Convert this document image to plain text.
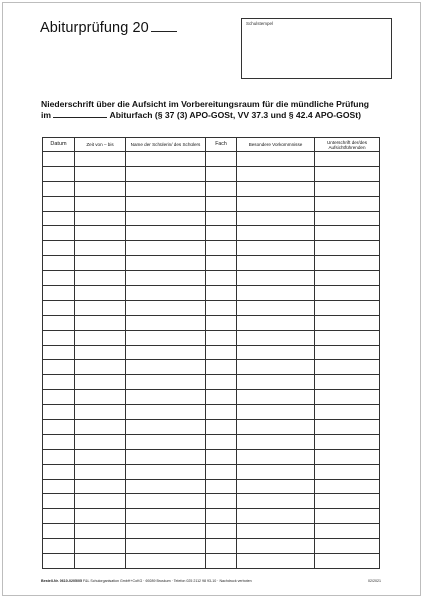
Abiturprüfung 20	Schulstempel
Niederschrift über die Aufsicht im Vorbereitungsraum für die mündliche Prüfung
im	Abiturfach (§ 37 (3) APO-GOSt, VV 37.3 und § 42.4 APO-GOSt)
Datum	Zeit von – bis	Name der Schülerin/ des Schülers	Fach	Besondere Vorkommnisse	Unterschrift der/des Aufsichtführenden

Bestell-Nr. 0610-0205/05 F&L Schulorganisation GmbH+CoKG · 69289 Bruskum · Telefon 025 2112 98 93-10 · Nachdruck verboten	02/2021
